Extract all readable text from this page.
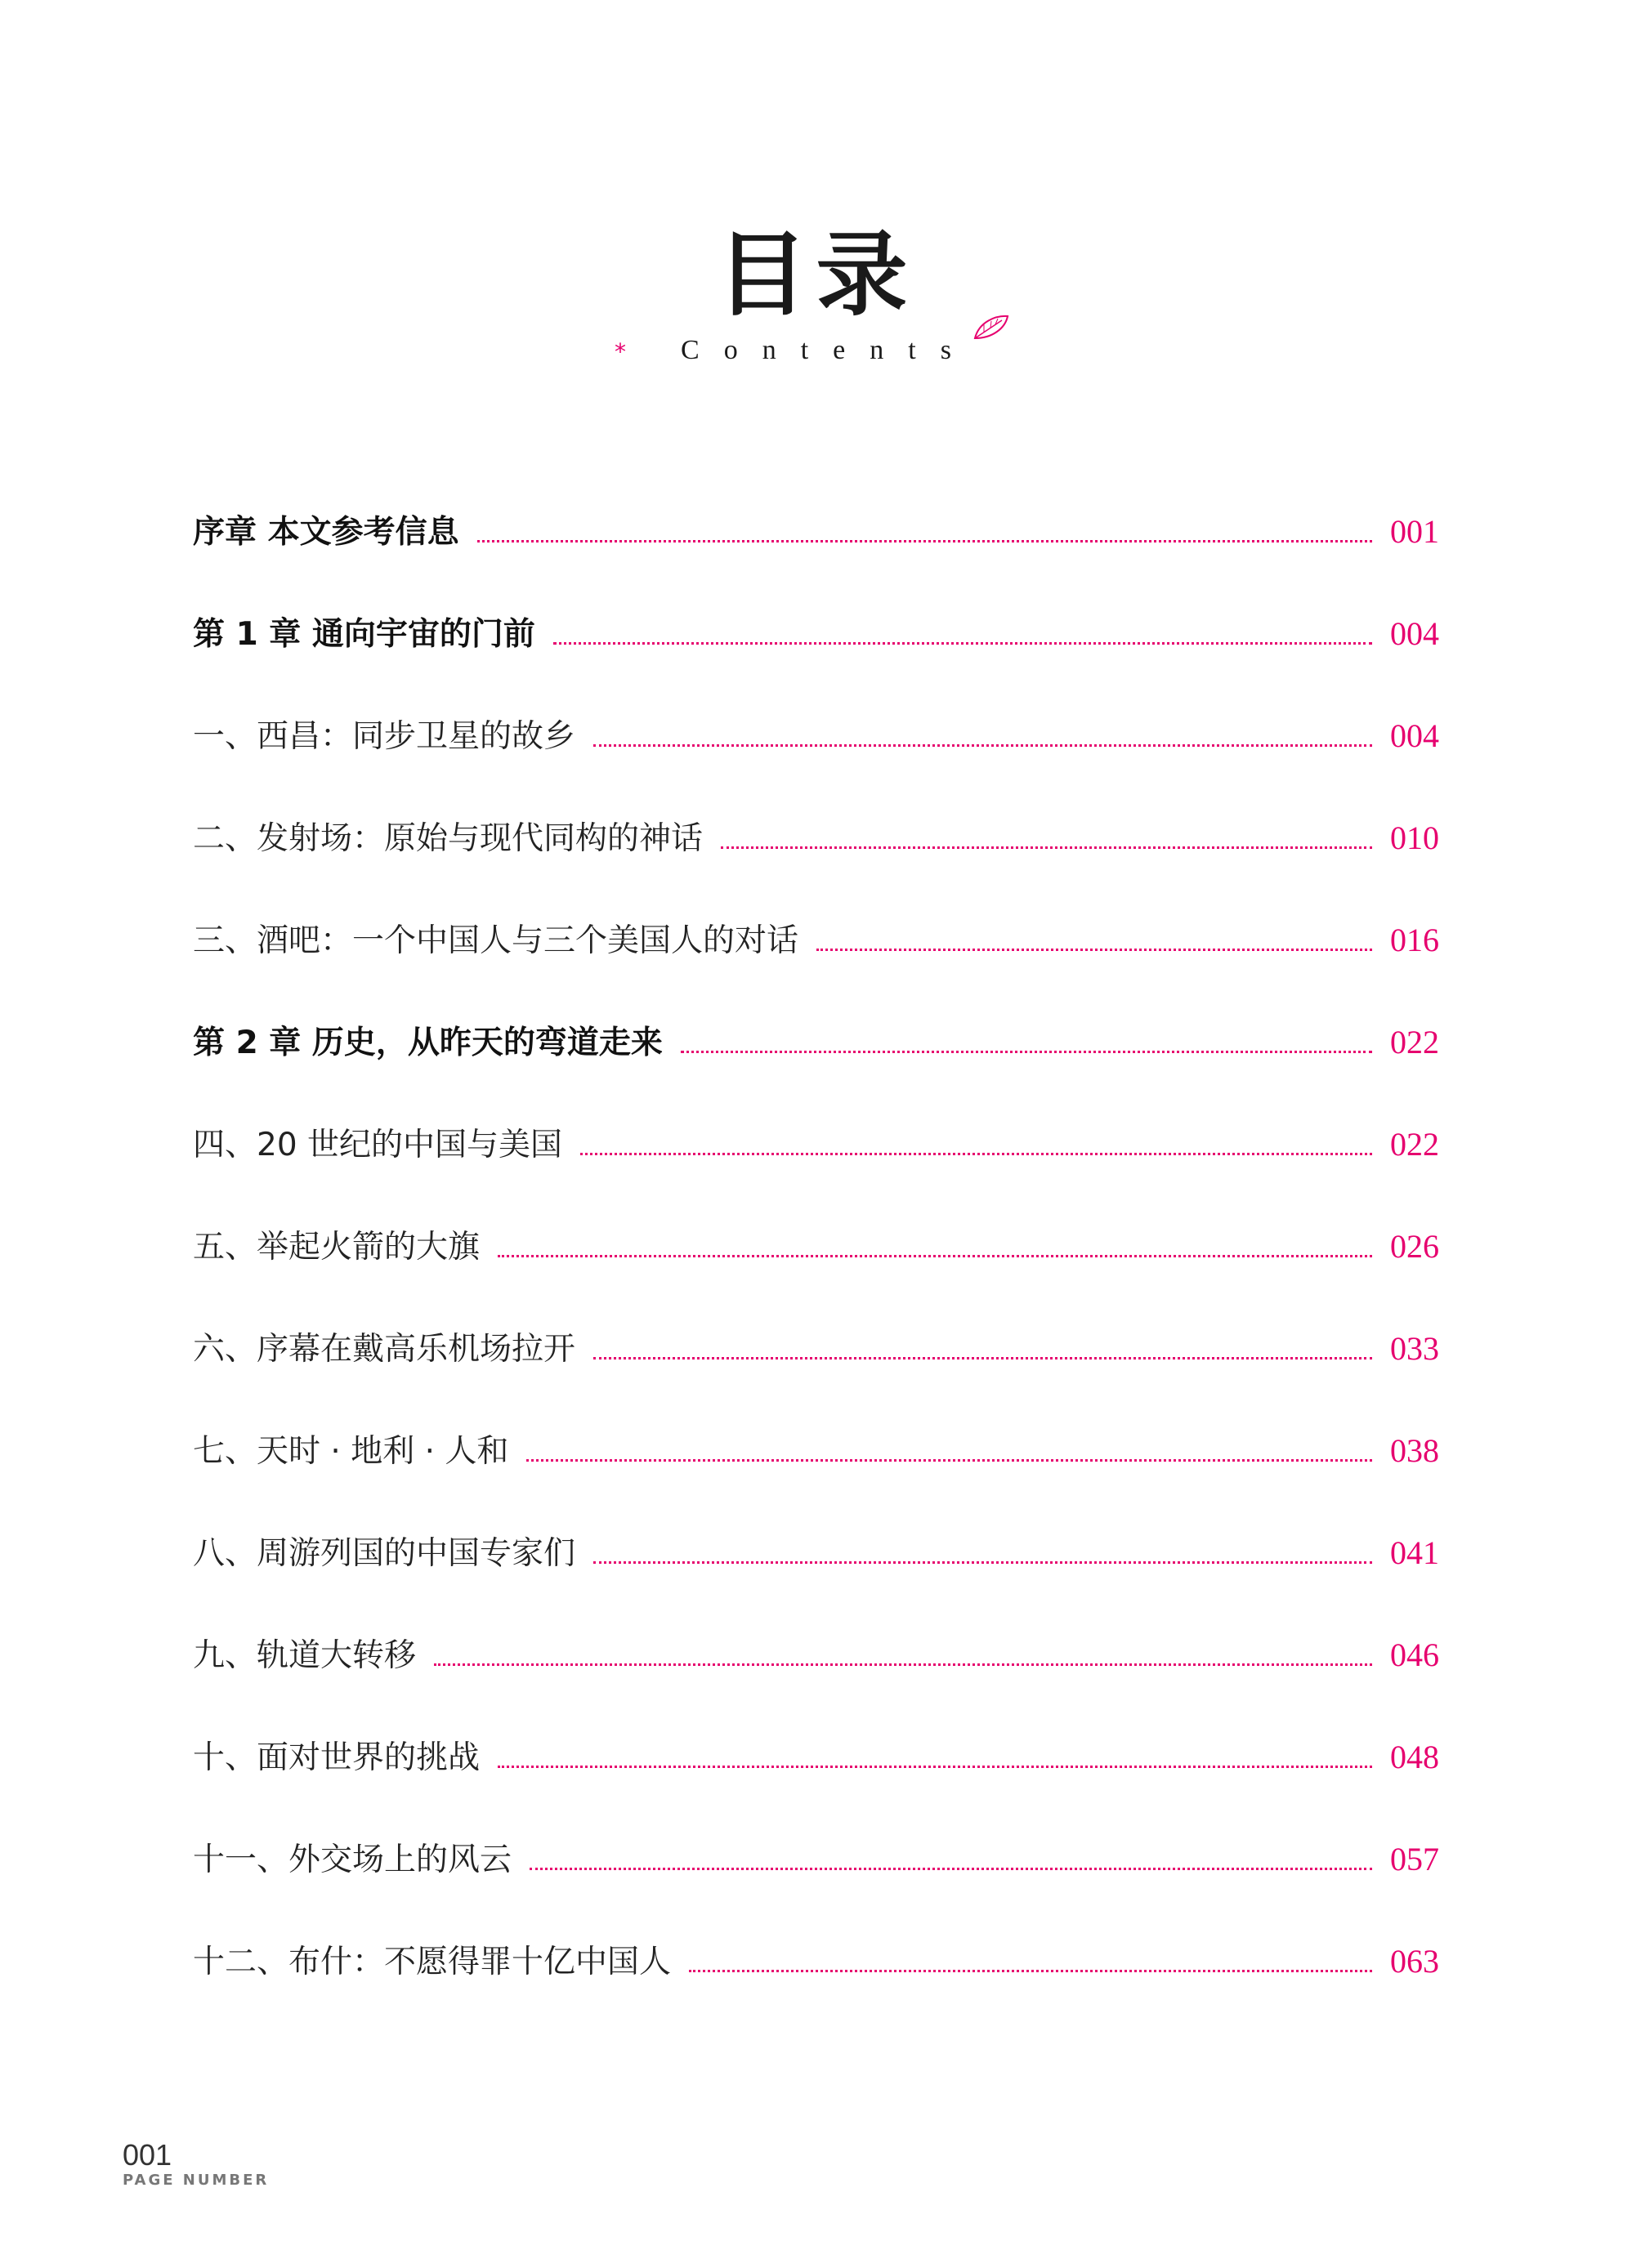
目录
* Contents
序章 本文参考信息	001
第 1 章 通向宇宙的门前	004
一、西昌：同步卫星的故乡	004
二、发射场：原始与现代同构的神话	010
三、酒吧：一个中国人与三个美国人的对话	016
第 2 章 历史，从昨天的弯道走来	022
四、20 世纪的中国与美国	022
五、举起火箭的大旗	026
六、序幕在戴高乐机场拉开	033
七、天时 · 地利 · 人和	038
八、周游列国的中国专家们	041
九、轨道大转移	046
十、面对世界的挑战	048
十一、外交场上的风云	057
十二、布什：不愿得罪十亿中国人	063
001
PAGE NUMBER
